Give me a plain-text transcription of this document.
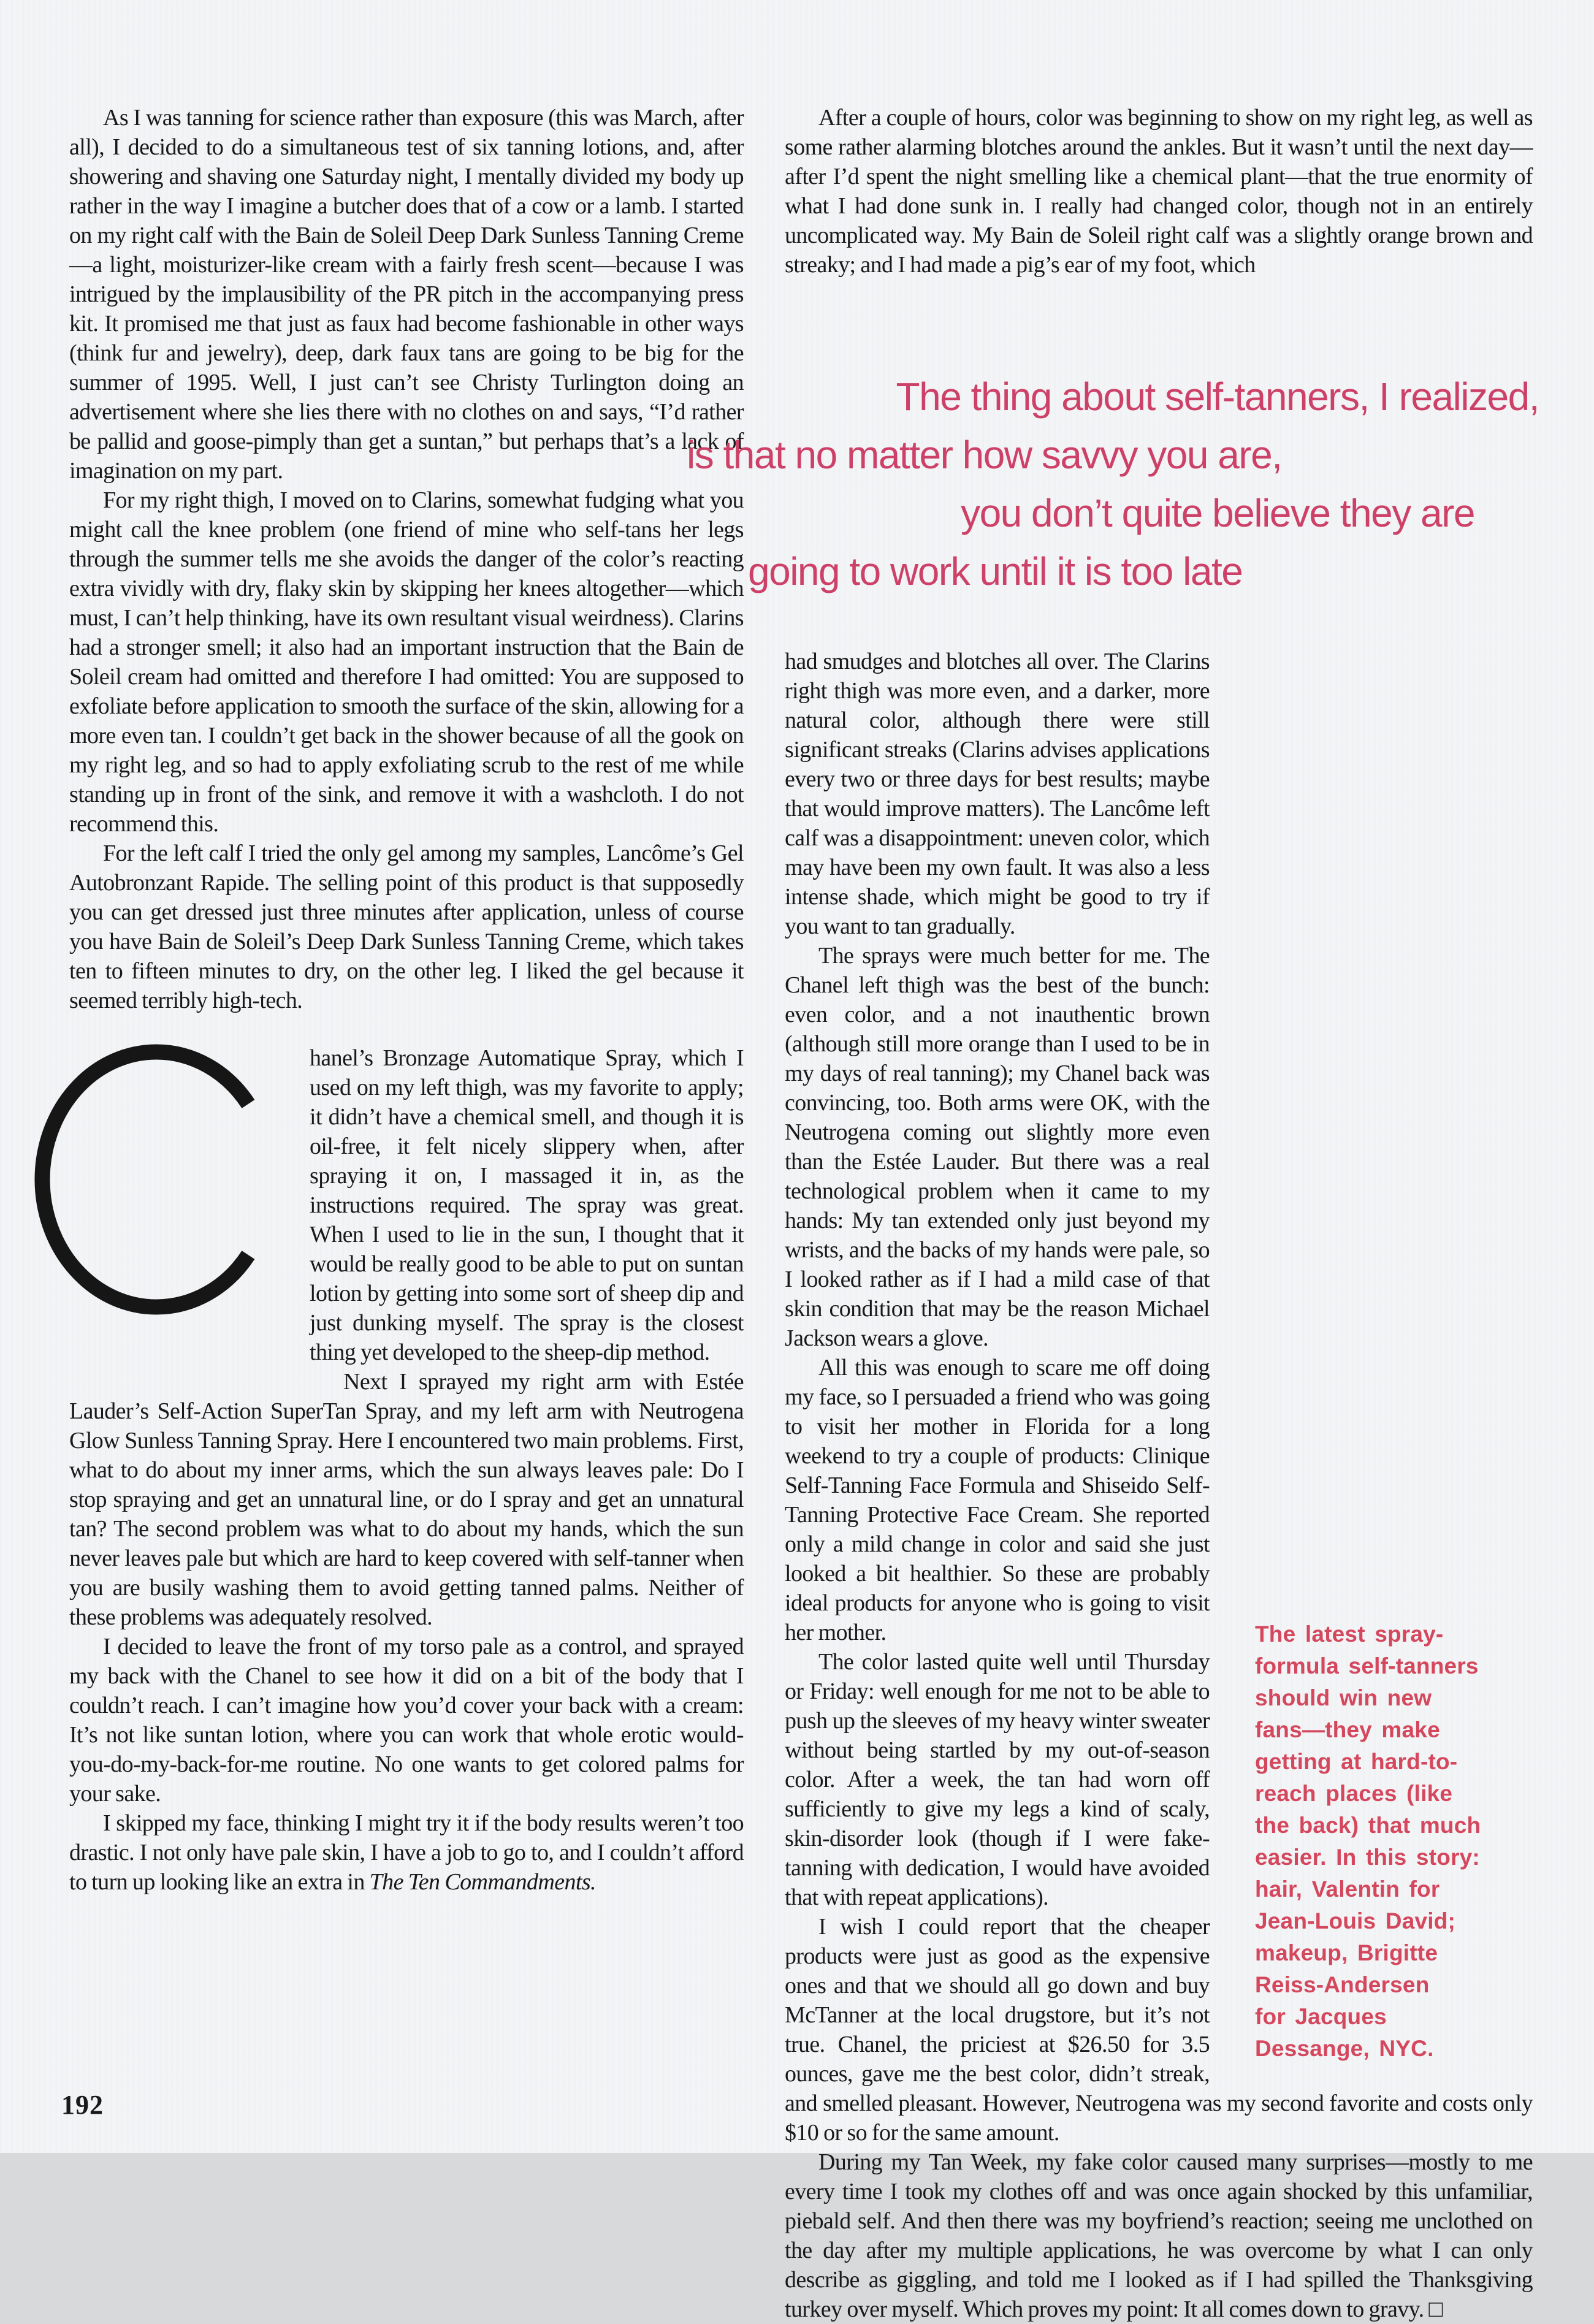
As I was tanning for science rather than exposure (this was March, after all), I decided to do a simultaneous test of six tanning lotions, and, after showering and shaving one Saturday night, I mentally divided my body up rather in the way I imagine a butcher does that of a cow or a lamb. I started on my right calf with the Bain de Soleil Deep Dark Sunless Tanning Creme—a light, moisturizer-like cream with a fairly fresh scent—because I was intrigued by the implausibility of the PR pitch in the accompanying press kit. It promised me that just as faux had become fashionable in other ways (think fur and jewelry), deep, dark faux tans are going to be big for the summer of 1995. Well, I just can’t see Christy Turlington doing an advertisement where she lies there with no clothes on and says, “I’d rather be pallid and goose-pimply than get a suntan,” but perhaps that’s a lack of imagination on my part.

For my right thigh, I moved on to Clarins, somewhat fudging what you might call the knee problem (one friend of mine who self-tans her legs through the summer tells me she avoids the danger of the color’s reacting extra vividly with dry, flaky skin by skipping her knees altogether—which must, I can’t help thinking, have its own resultant visual weirdness). Clarins had a stronger smell; it also had an important instruction that the Bain de Soleil cream had omitted and therefore I had omitted: You are supposed to exfoliate before application to smooth the surface of the skin, allowing for a more even tan. I couldn’t get back in the shower because of all the gook on my right leg, and so had to apply exfoliating scrub to the rest of me while standing up in front of the sink, and remove it with a washcloth. I do not recommend this.

For the left calf I tried the only gel among my samples, Lancôme’s Gel Autobronzant Rapide. The selling point of this product is that supposedly you can get dressed just three minutes after application, unless of course you have Bain de Soleil’s Deep Dark Sunless Tanning Creme, which takes ten to fifteen minutes to dry, on the other leg. I liked the gel because it seemed terribly high-tech.

hanel’s Bronzage Automatique Spray, which I used on my left thigh, was my favorite to apply; it didn’t have a chemical smell, and though it is oil-free, it felt nicely slippery when, after spraying it on, I massaged it in, as the instructions required. The spray was great. When I used to lie in the sun, I thought that it would be really good to be able to put on suntan lotion by getting into some sort of sheep dip and just dunking myself. The spray is the closest thing yet developed to the sheep-dip method.

Next I sprayed my right arm with Estée Lauder’s Self-Action SuperTan Spray, and my left arm with Neutrogena Glow Sunless Tanning Spray. Here I encountered two main problems. First, what to do about my inner arms, which the sun always leaves pale: Do I stop spraying and get an unnatural line, or do I spray and get an unnatural tan? The second problem was what to do about my hands, which the sun never leaves pale but which are hard to keep covered with self-tanner when you are busily washing them to avoid getting tanned palms. Neither of these problems was adequately resolved.

I decided to leave the front of my torso pale as a control, and sprayed my back with the Chanel to see how it did on a bit of the body that I couldn’t reach. I can’t imagine how you’d cover your back with a cream: It’s not like suntan lotion, where you can work that whole erotic would-you-do-my-back-for-me routine. No one wants to get colored palms for your sake.

I skipped my face, thinking I might try it if the body results weren’t too drastic. I not only have pale skin, I have a job to go to, and I couldn’t afford to turn up looking like an extra in The Ten Commandments.

After a couple of hours, color was beginning to show on my right leg, as well as some rather alarming blotches around the ankles. But it wasn’t until the next day—after I’d spent the night smelling like a chemical plant—that the true enormity of what I had done sunk in. I really had changed color, though not in an entirely uncomplicated way. My Bain de Soleil right calf was a slightly orange brown and streaky; and I had made a pig’s ear of my foot, which

The latest spray-
formula self-tanners
should win new
fans—they make
getting at hard-to-
reach places (like
the back) that much
easier. In this story:
hair, Valentin for
Jean-Louis David;
makeup, Brigitte
Reiss-Andersen
for Jacques
Dessange, NYC.

had smudges and blotches all over. The Clarins right thigh was more even, and a darker, more natural color, although there were still significant streaks (Clarins advises applications every two or three days for best results; maybe that would improve matters). The Lancôme left calf was a disappointment: uneven color, which may have been my own fault. It was also a less intense shade, which might be good to try if you want to tan gradually.

The sprays were much better for me. The Chanel left thigh was the best of the bunch: even color, and a not inauthentic brown (although still more orange than I used to be in my days of real tanning); my Chanel back was convincing, too. Both arms were OK, with the Neutrogena coming out slightly more even than the Estée Lauder. But there was a real technological problem when it came to my hands: My tan extended only just beyond my wrists, and the backs of my hands were pale, so I looked rather as if I had a mild case of that skin condition that may be the reason Michael Jackson wears a glove.

All this was enough to scare me off doing my face, so I persuaded a friend who was going to visit her mother in Florida for a long weekend to try a couple of products: Clinique Self-Tanning Face Formula and Shiseido Self-Tanning Protective Face Cream. She reported only a mild change in color and said she just looked a bit healthier. So these are probably ideal products for anyone who is going to visit her mother.

The color lasted quite well until Thursday or Friday: well enough for me not to be able to push up the sleeves of my heavy winter sweater without being startled by my out-of-season color. After a week, the tan had worn off sufficiently to give my legs a kind of scaly, skin-disorder look (though if I were fake-tanning with dedication, I would have avoided that with repeat applications).

I wish I could report that the cheaper products were just as good as the expensive ones and that we should all go down and buy McTanner at the local drugstore, but it’s not true. Chanel, the priciest at $26.50 for 3.5 ounces, gave me the best color, didn’t streak, and smelled pleasant. However, Neutrogena was my second favorite and costs only $10 or so for the same amount.

During my Tan Week, my fake color caused many surprises—mostly to me every time I took my clothes off and was once again shocked by this unfamiliar, piebald self. And then there was my boyfriend’s reaction; seeing me unclothed on the day after my multiple applications, he was overcome by what I can only describe as giggling, and told me I looked as if I had spilled the Thanksgiving turkey over myself. Which proves my point: It all comes down to gravy. □

The thing about self-tanners, I realized,
is that no matter how savvy you are,
you don’t quite believe they are
going to work until it is too late
192
